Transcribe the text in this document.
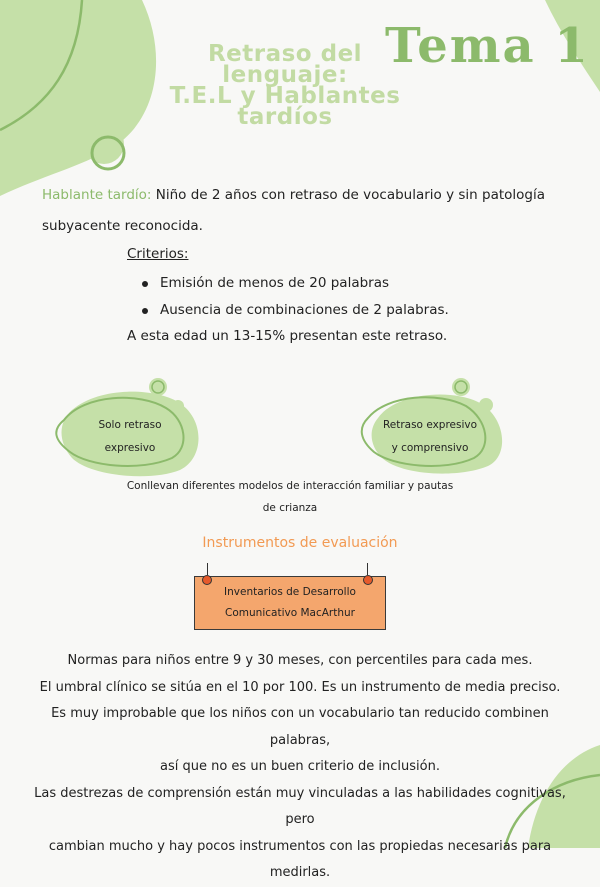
Retraso del
lenguaje:
T.E.L y Hablantes
tardíos
Tema 1
Hablante tardío: Niño de 2 años con retraso de vocabulario y sin patología subyacente reconocida.
Criterios:
Emisión de menos de 20 palabras
Ausencia de combinaciones de 2 palabras.
A esta edad un 13-15% presentan este retraso.
Solo retraso
expresivo
Retraso expresivo
y comprensivo
Conllevan diferentes modelos de interacción familiar y pautas
de crianza
Instrumentos de evaluación
Inventarios de Desarrollo
Comunicativo MacArthur
Normas para niños entre 9 y 30 meses, con percentiles para cada mes.
El umbral clínico se sitúa en el 10 por 100. Es un instrumento de media preciso.
Es muy improbable que los niños con un vocabulario tan reducido combinen palabras,
así que no es un buen criterio de inclusión.
Las destrezas de comprensión están muy vinculadas a las habilidades cognitivas, pero
cambian mucho y hay pocos instrumentos con las propiedas necesarias para medirlas.
